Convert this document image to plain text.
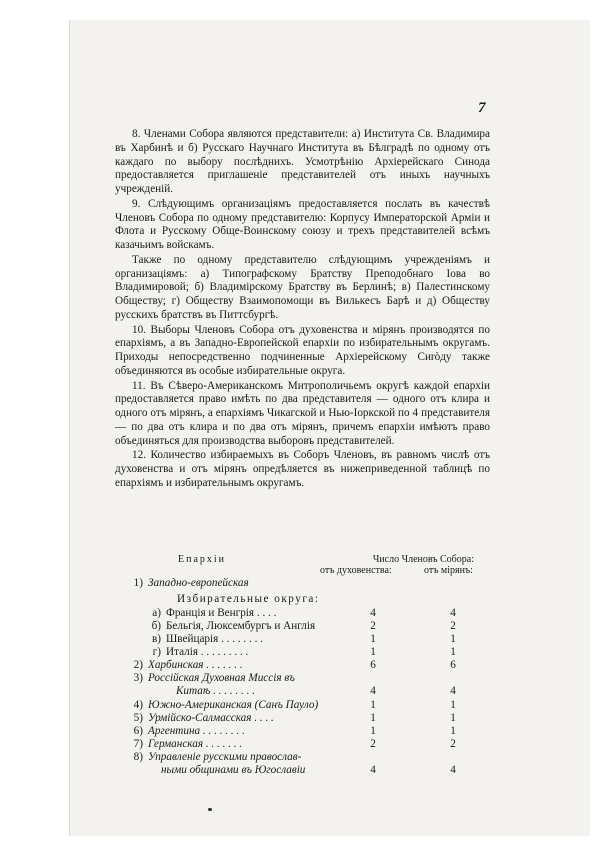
7

8. Членами Собора являются представители: а) Института Св. Владимира въ Харбинѣ и б) Русскаго Научнаго Института въ Бѣлградѣ по одному отъ каждаго по выбору послѣднихъ. Усмотрѣнію Архіерейскаго Синода предоставляется приглашеніе представителей отъ иныхъ научныхъ учрежденій.

9. Слѣдующимъ организаціямъ предоставляется послать въ качествѣ Членовъ Собора по одному представителю: Корпусу Императорской Арміи и Флота и Русскому Обще-Воинскому союзу и трехъ представителей всѣмъ казачьимъ войскамъ.

Также по одному представителю слѣдующимъ учрежденіямъ и организаціямъ: а) Типографскому Братству Преподобнаго Іова во Владимировой; б) Владимірскому Братству въ Берлинѣ; в) Палестинскому Обществу; г) Обществу Взаимопомощи въ Вилькесъ Барѣ и д) Обществу русскихъ братствъ въ Питтсбургѣ.

10. Выборы Членовъ Собора отъ духовенства и мірянъ производятся по епархіямъ, а въ Западно-Европейской епархіи по избирательнымъ округамъ. Приходы непосредственно подчиненные Архіерейскому Сиròду также объединяются въ особые избирательные округа.

11. Въ Сѣверо-Американскомъ Митрополичьемъ округѣ каждой епархіи предоставляется право имѣть по два представителя — одного отъ клира и одного отъ мірянъ, а епархіямъ Чикагской и Нью-Іоркской по 4 представителя — по два отъ клира и по два отъ мірянъ, причемъ епархіи имѣютъ право объединяться для производства выборовъ представителей.

12. Количество избираемыхъ въ Соборъ Членовъ, въ равномъ числѣ отъ духовенства и отъ мірянъ опредѣляется въ нижеприведенной таблицѣ по епархіямъ и избирательнымъ округамъ.

Епархіи	Число Членовъ Собора:
отъ духовенства:	отъ мірянъ:
1) Западно-европейская
Избирательные округа:
а) Франція и Венгрія . . . .	4	4
б) Бельгія, Люксембургъ и Англія	2	2
в) Швейцарія . . . . . . . .	1	1
г) Италія . . . . . . . . .	1	1
2) Харбинская . . . . . . .	6	6
3) Россійская Духовная Миссія въ
Китаѣ . . . . . . . .	4	4
4) Южно-Американская (Санъ Пауло)	1	1
5) Урмійско-Салмасская . . . .	1	1
6) Аргентина . . . . . . . .	1	1
7) Германская . . . . . . .	2	2
8) Управленіе русскими православ-
ными общинами въ Югославіи	4	4
